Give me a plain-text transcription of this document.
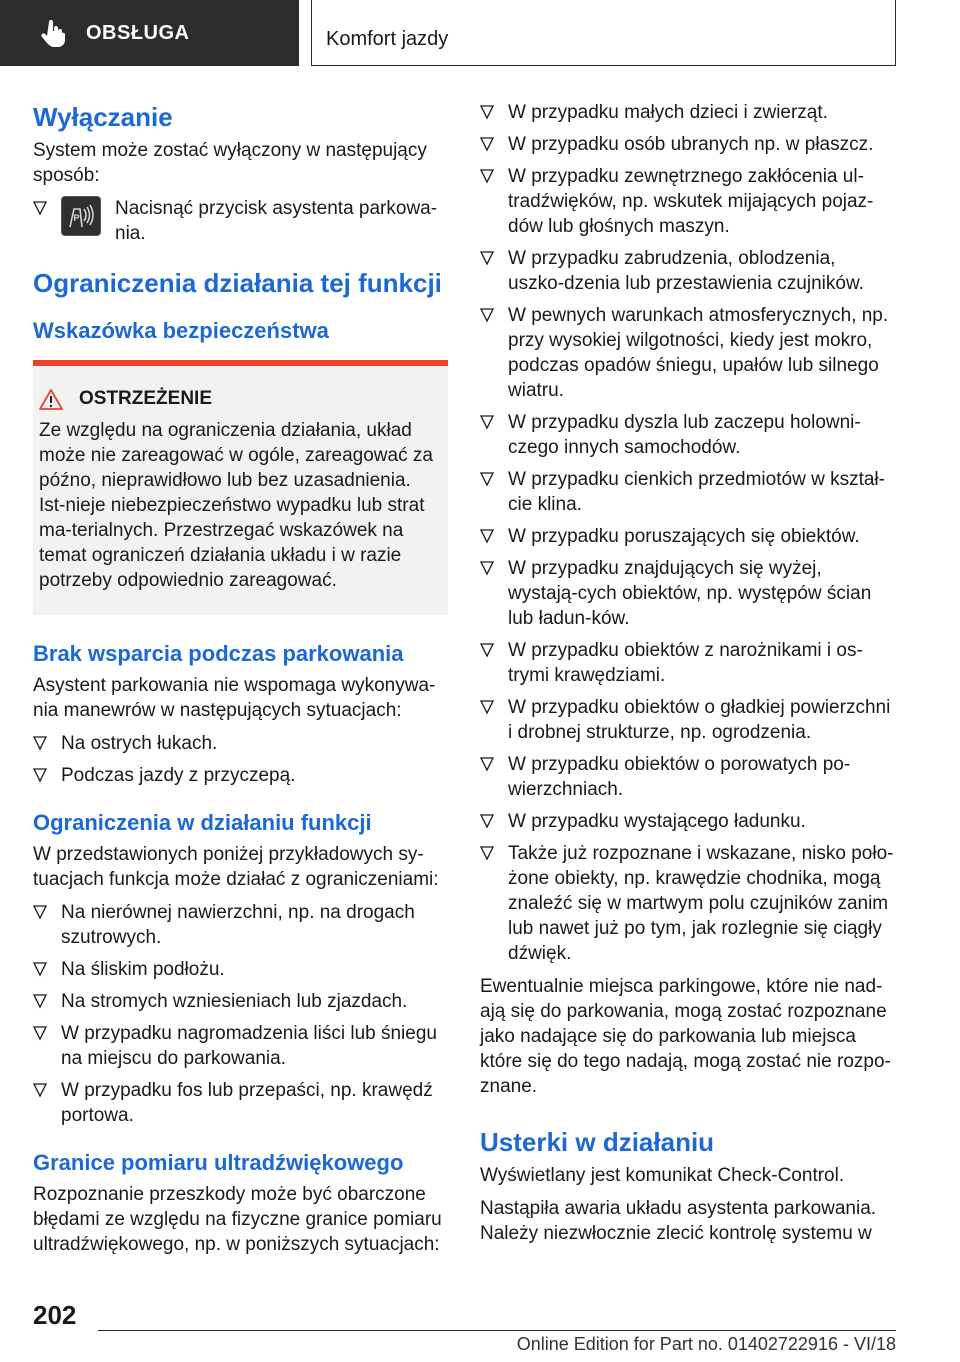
OBSŁUGA	Komfort jazdy
Wyłączanie

System może zostać wyłączony w następujący sposób:

P Nacisnąć przycisk asystenta parkowa-nia.
Ograniczenia działania tej funkcji
Wskazówka bezpieczeństwa
OSTRZEŻENIE

Ze względu na ograniczenia działania, układ może nie zareagować w ogóle, zareagować za późno, nieprawidłowo lub bez uzasadnienia. Ist-nieje niebezpieczeństwo wypadku lub strat ma-terialnych. Przestrzegać wskazówek na temat ograniczeń działania układu i w razie potrzeby odpowiednio zareagować.

Brak wsparcia podczas parkowania

Asystent parkowania nie wspomaga wykonywa-nia manewrów w następujących sytuacjach:

Na ostrych łukach.
Podczas jazdy z przyczepą.
Ograniczenia w działaniu funkcji

W przedstawionych poniżej przykładowych sy-tuacjach funkcja może działać z ograniczeniami:

Na nierównej nawierzchni, np. na drogach szutrowych.
Na śliskim podłożu.
Na stromych wzniesieniach lub zjazdach.
W przypadku nagromadzenia liści lub śniegu na miejscu do parkowania.
W przypadku fos lub przepaści, np. krawędź portowa.
Granice pomiaru ultradźwiękowego

Rozpoznanie przeszkody może być obarczone błędami ze względu na fizyczne granice pomiaru ultradźwiękowego, np. w poniższych sytuacjach:

W przypadku małych dzieci i zwierząt.
W przypadku osób ubranych np. w płaszcz.
W przypadku zewnętrznego zakłócenia ul-tradźwięków, np. wskutek mijających pojaz-dów lub głośnych maszyn.
W przypadku zabrudzenia, oblodzenia, uszko-dzenia lub przestawienia czujników.
W pewnych warunkach atmosferycznych, np. przy wysokiej wilgotności, kiedy jest mokro, podczas opadów śniegu, upałów lub silnego wiatru.
W przypadku dyszla lub zaczepu holowni-czego innych samochodów.
W przypadku cienkich przedmiotów w kształ-cie klina.
W przypadku poruszających się obiektów.
W przypadku znajdujących się wyżej, wystają-cych obiektów, np. występów ścian lub ładun-ków.
W przypadku obiektów z narożnikami i os-trymi krawędziami.
W przypadku obiektów o gładkiej powierzchni i drobnej strukturze, np. ogrodzenia.
W przypadku obiektów o porowatych po-wierzchniach.
W przypadku wystającego ładunku.
Także już rozpoznane i wskazane, nisko poło-żone obiekty, np. krawędzie chodnika, mogą znaleźć się w martwym polu czujników zanim lub nawet już po tym, jak rozlegnie się ciągły dźwięk.

Ewentualnie miejsca parkingowe, które nie nad-ają się do parkowania, mogą zostać rozpoznane jako nadające się do parkowania lub miejsca które się do tego nadają, mogą zostać nie rozpo-znane.

Usterki w działaniu

Wyświetlany jest komunikat Check-Control.

Nastąpiła awaria układu asystenta parkowania. Należy niezwłocznie zlecić kontrolę systemu w

202
Online Edition for Part no. 01402722916 - VI/18
